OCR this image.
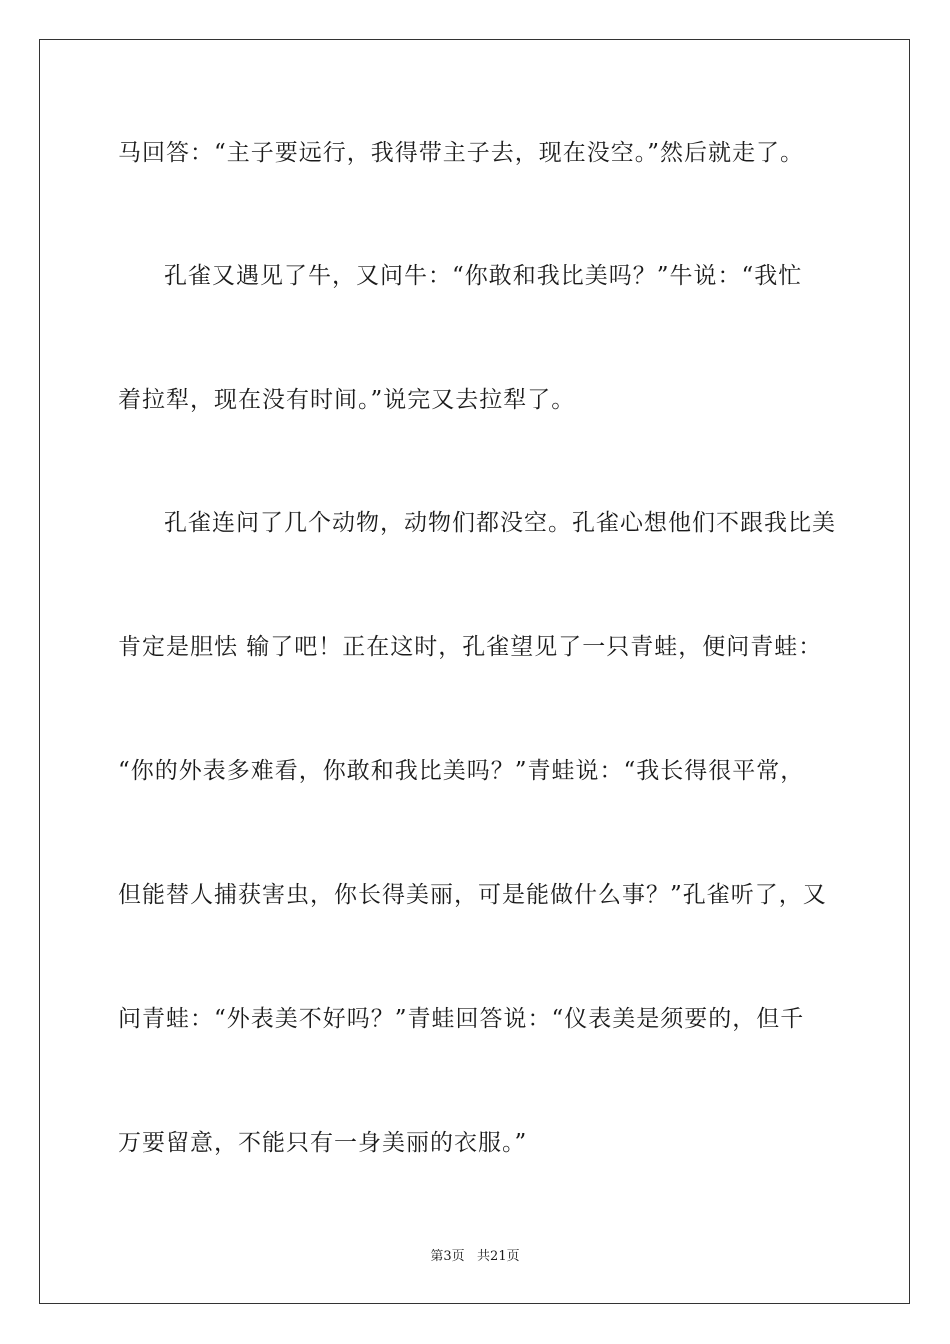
马回答：“主子要远行，我得带主子去，现在没空。”然后就走了。
孔雀又遇见了牛，又问牛：“你敢和我比美吗？”牛说：“我忙
着拉犁，现在没有时间。”说完又去拉犁了。
孔雀连问了几个动物，动物们都没空。孔雀心想他们不跟我比美
肯定是胆怯 输了吧！正在这时，孔雀望见了一只青蛙，便问青蛙：
“你的外表多难看，你敢和我比美吗？”青蛙说：“我长得很平常，
但能替人捕获害虫，你长得美丽，可是能做什么事？”孔雀听了，又
问青蛙：“外表美不好吗？”青蛙回答说：“仪表美是须要的，但千
万要留意，不能只有一身美丽的衣服。”
第3页   共21页
